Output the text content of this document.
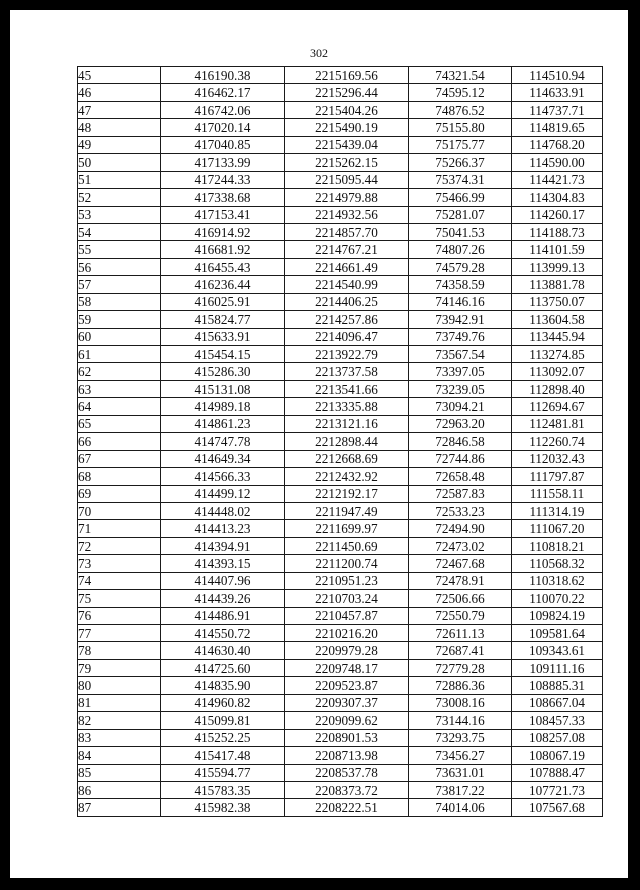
302
45	416190.38	2215169.56	74321.54	114510.94
46	416462.17	2215296.44	74595.12	114633.91
47	416742.06	2215404.26	74876.52	114737.71
48	417020.14	2215490.19	75155.80	114819.65
49	417040.85	2215439.04	75175.77	114768.20
50	417133.99	2215262.15	75266.37	114590.00
51	417244.33	2215095.44	75374.31	114421.73
52	417338.68	2214979.88	75466.99	114304.83
53	417153.41	2214932.56	75281.07	114260.17
54	416914.92	2214857.70	75041.53	114188.73
55	416681.92	2214767.21	74807.26	114101.59
56	416455.43	2214661.49	74579.28	113999.13
57	416236.44	2214540.99	74358.59	113881.78
58	416025.91	2214406.25	74146.16	113750.07
59	415824.77	2214257.86	73942.91	113604.58
60	415633.91	2214096.47	73749.76	113445.94
61	415454.15	2213922.79	73567.54	113274.85
62	415286.30	2213737.58	73397.05	113092.07
63	415131.08	2213541.66	73239.05	112898.40
64	414989.18	2213335.88	73094.21	112694.67
65	414861.23	2213121.16	72963.20	112481.81
66	414747.78	2212898.44	72846.58	112260.74
67	414649.34	2212668.69	72744.86	112032.43
68	414566.33	2212432.92	72658.48	111797.87
69	414499.12	2212192.17	72587.83	111558.11
70	414448.02	2211947.49	72533.23	111314.19
71	414413.23	2211699.97	72494.90	111067.20
72	414394.91	2211450.69	72473.02	110818.21
73	414393.15	2211200.74	72467.68	110568.32
74	414407.96	2210951.23	72478.91	110318.62
75	414439.26	2210703.24	72506.66	110070.22
76	414486.91	2210457.87	72550.79	109824.19
77	414550.72	2210216.20	72611.13	109581.64
78	414630.40	2209979.28	72687.41	109343.61
79	414725.60	2209748.17	72779.28	109111.16
80	414835.90	2209523.87	72886.36	108885.31
81	414960.82	2209307.37	73008.16	108667.04
82	415099.81	2209099.62	73144.16	108457.33
83	415252.25	2208901.53	73293.75	108257.08
84	415417.48	2208713.98	73456.27	108067.19
85	415594.77	2208537.78	73631.01	107888.47
86	415783.35	2208373.72	73817.22	107721.73
87	415982.38	2208222.51	74014.06	107567.68
